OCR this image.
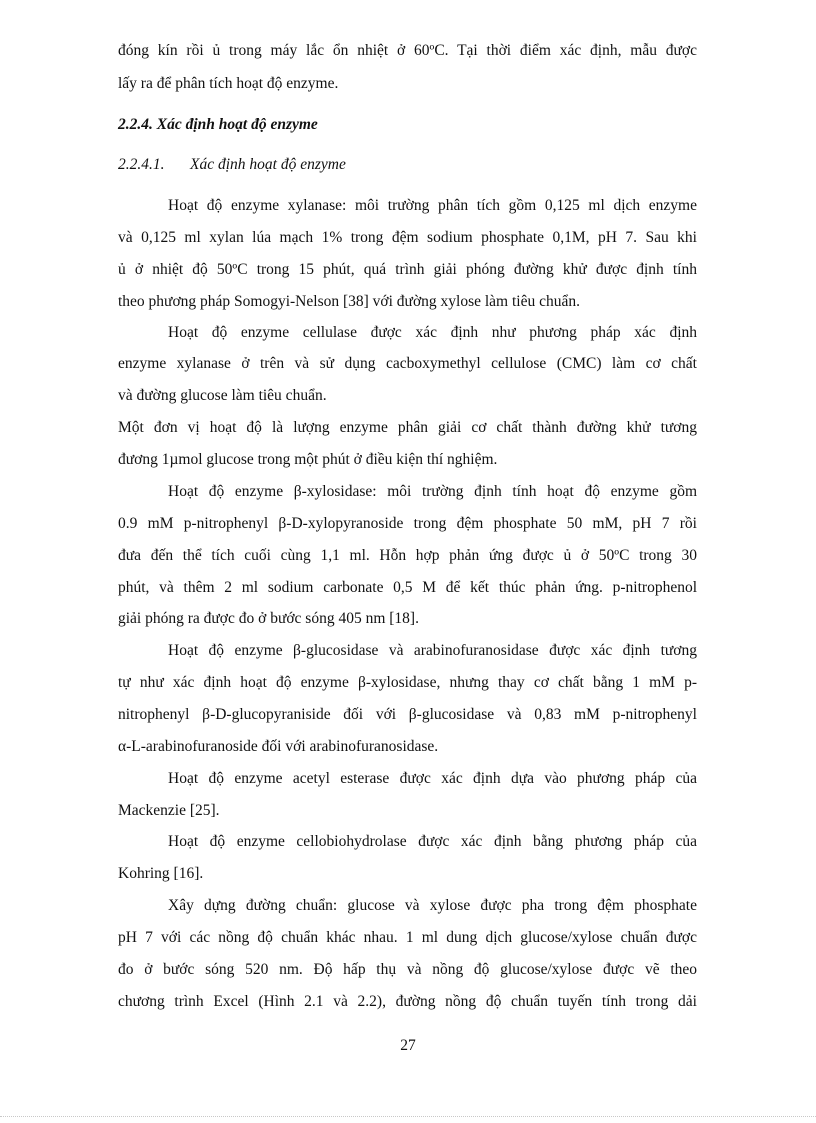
đóng kín rồi ủ trong máy lắc ổn nhiệt ở 60ºC. Tại thời điểm xác định, mẫu được
lấy ra để phân tích hoạt độ enzyme.
2.2.4. Xác định hoạt độ enzyme
2.2.4.1. Xác định hoạt độ enzyme
Hoạt độ enzyme xylanase: môi trường phân tích gồm 0,125 ml dịch enzyme
và 0,125 ml xylan lúa mạch 1% trong đệm sodium phosphate 0,1M, pH 7. Sau khi
ủ ở nhiệt độ 50ºC trong 15 phút, quá trình giải phóng đường khử được định tính
theo phương pháp Somogyi-Nelson [38] với đường xylose làm tiêu chuẩn.
Hoạt độ enzyme cellulase được xác định như phương pháp xác định
enzyme xylanase ở trên và sử dụng cacboxymethyl cellulose (CMC) làm cơ chất
và đường glucose làm tiêu chuẩn.
Một đơn vị hoạt độ là lượng enzyme phân giải cơ chất thành đường khử tương
đương 1µmol glucose trong một phút ở điều kiện thí nghiệm.
Hoạt độ enzyme β-xylosidase: môi trường định tính hoạt độ enzyme gồm
0.9 mM p-nitrophenyl β-D-xylopyranoside trong đệm phosphate 50 mM, pH 7 rồi
đưa đến thể tích cuối cùng 1,1 ml. Hỗn hợp phản ứng được ủ ở 50ºC trong 30
phút, và thêm 2 ml sodium carbonate 0,5 M để kết thúc phản ứng. p-nitrophenol
giải phóng ra được đo ở bước sóng 405 nm [18].
Hoạt độ enzyme β-glucosidase và arabinofuranosidase được xác định tương
tự như xác định hoạt độ enzyme β-xylosidase, nhưng thay cơ chất bằng 1 mM p-
nitrophenyl β-D-glucopyraniside đối với β-glucosidase và 0,83 mM p-nitrophenyl
α-L-arabinofuranoside đối với arabinofuranosidase.
Hoạt độ enzyme acetyl esterase được xác định dựa vào phương pháp của
Mackenzie [25].
Hoạt độ enzyme cellobiohydrolase được xác định bằng phương pháp của
Kohring [16].
Xây dựng đường chuẩn: glucose và xylose được pha trong đệm phosphate
pH 7 với các nồng độ chuẩn khác nhau. 1 ml dung dịch glucose/xylose chuẩn được
đo ở bước sóng 520 nm. Độ hấp thụ và nồng độ glucose/xylose được vẽ theo
chương trình Excel (Hình 2.1 và 2.2), đường nồng độ chuẩn tuyến tính trong dải
27
